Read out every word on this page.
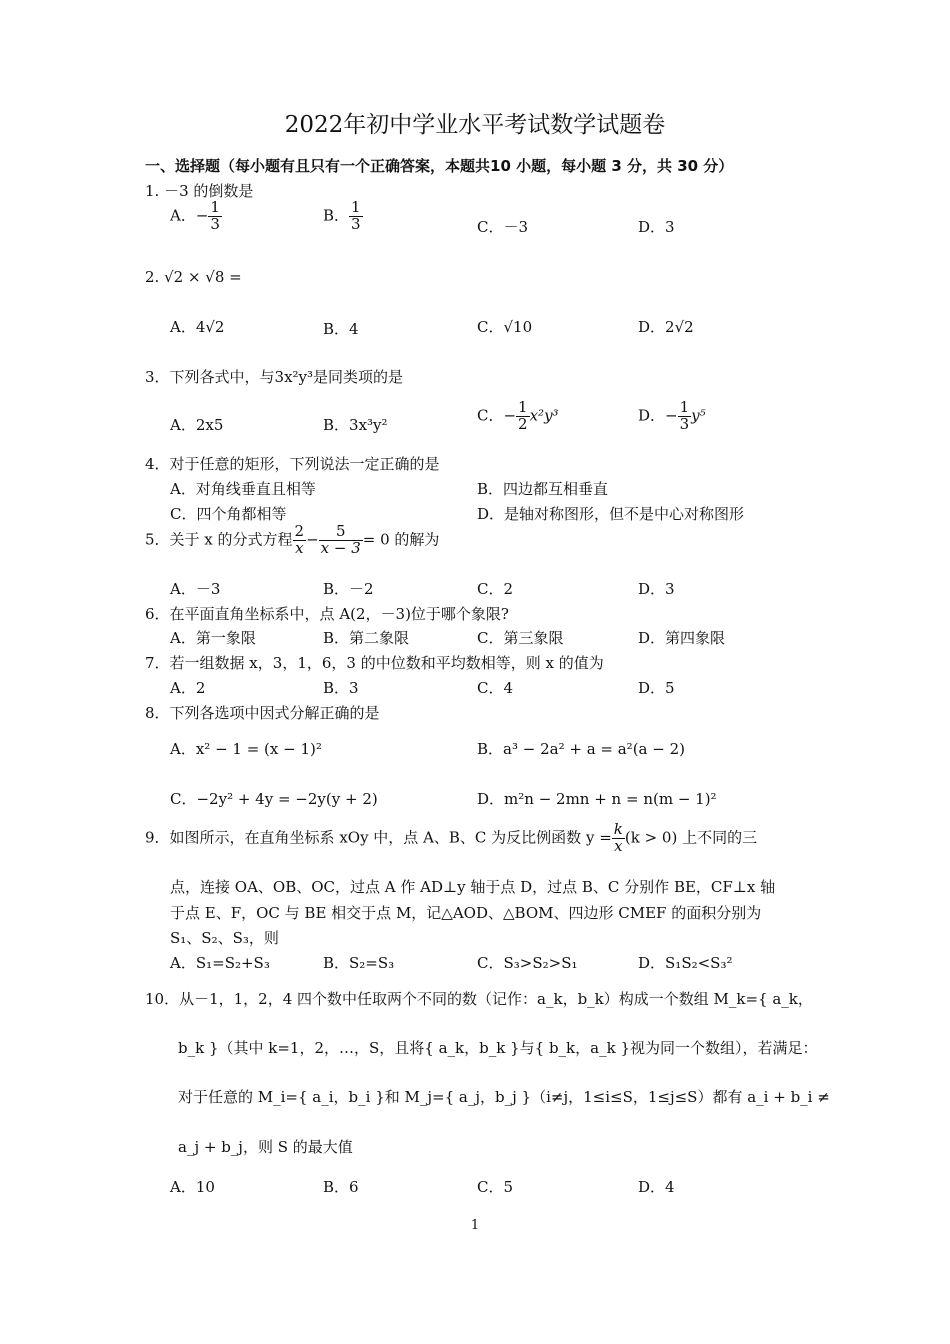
2022年初中学业水平考试数学试题卷
一、选择题（每小题有且只有一个正确答案，本题共10 小题，每小题 3 分，共 30 分）
1. －3 的倒数是
A．− $\frac{1}{3}$	B． $\frac{1}{3}$	C．－3	D．3
2. √2 × √8 =
A．4√2	B．4	C．√10	D．2√2
3．下列各式中，与3x²y³是同类项的是
A．2x5	B．3x³y²
C．− $\frac{1}{2} x^2y^3$	D．− $\frac{1}{3} y^5$
4．对于任意的矩形，下列说法一定正确的是
A．对角线垂直且相等	B．四边都互相垂直
C．四个角都相等	D．是轴对称图形，但不是中心对称图形
5．关于 x 的分式方程 $\frac{2}{x} - \frac{5}{x - 3} = 0$ 的解为
A．－3	B．－2	C．2	D．3
6．在平面直角坐标系中，点 A(2，－3)位于哪个象限?
A．第一象限	B．第二象限	C．第三象限	D．第四象限
7．若一组数据 x，3，1，6，3 的中位数和平均数相等，则 x 的值为
A．2	B．3	C．4	D．5
8．下列各选项中因式分解正确的是
A．x² − 1 = (x − 1)²	B．a³ − 2a² + a = a²(a − 2)
C．−2y² + 4y = −2y(y + 2)	D．m²n − 2mn + n = n(m − 1)²
9．如图所示，在直角坐标系 xOy 中，点 A、B、C 为反比例函数 $y = \frac{k}{x} (k > 0)$ 上不同的三
点，连接 OA、OB、OC，过点 A 作 AD⊥y 轴于点 D，过点 B、C 分别作 BE，CF⊥x 轴
于点 E、F，OC 与 BE 相交于点 M，记△AOD、△BOM、四边形 CMEF 的面积分别为
S₁、S₂、S₃，则
A．S₁=S₂+S₃	B．S₂=S₃	C．S₃>S₂>S₁	D．S₁S₂<S₃²
10．从－1，1，2，4 四个数中任取两个不同的数（记作：a_k，b_k）构成一个数组 M_k={ a_k，
b_k }（其中 k=1，2，…，S，且将{ a_k，b_k }与{ b_k，a_k }视为同一个数组），若满足：
对于任意的 M_i={ a_i，b_i }和 M_j={ a_j，b_j }（i≠j，1≤i≤S，1≤j≤S）都有 a_i + b_i ≠
a_j + b_j，则 S 的最大值
A．10	B．6	C．5	D．4
1
